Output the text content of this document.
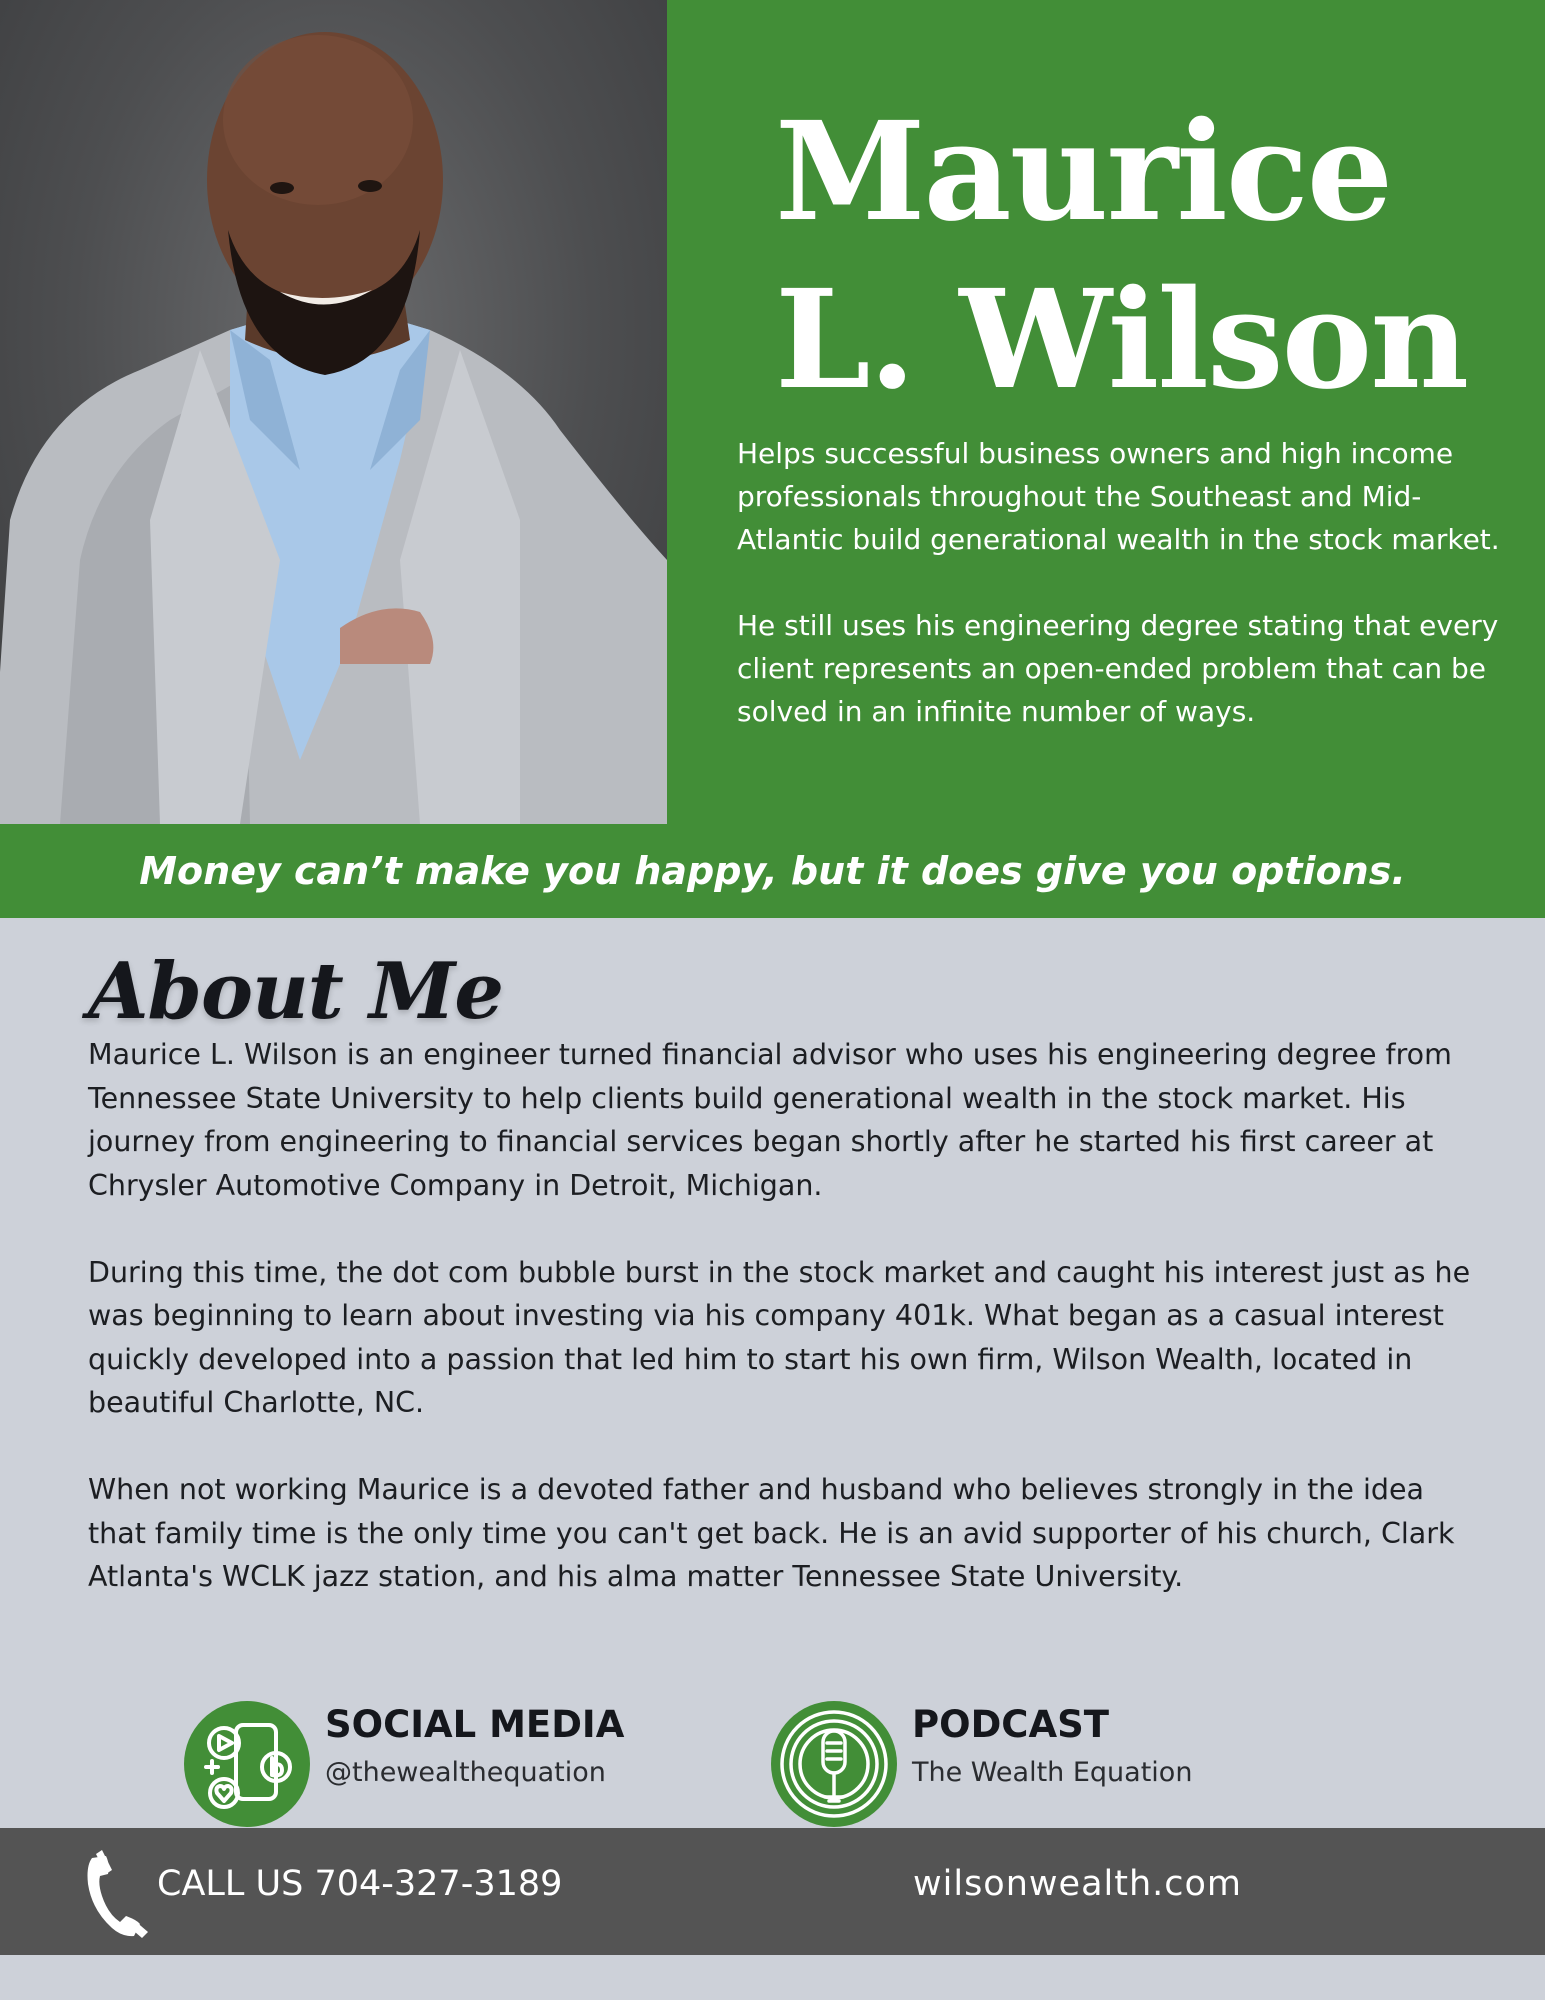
Maurice
L. Wilson

Helps successful business owners and high income professionals throughout the Southeast and Mid-Atlantic build generational wealth in the stock market.

He still uses his engineering degree stating that every client represents an open-ended problem that can be solved in an infinite number of ways.

Money can’t make you happy, but it does give you options.
About Me

Maurice L. Wilson is an engineer turned financial advisor who uses his engineering degree from Tennessee State University to help clients build generational wealth in the stock market. His journey from engineering to financial services began shortly after he started his first career at Chrysler Automotive Company in Detroit, Michigan.

During this time, the dot com bubble burst in the stock market and caught his interest just as he was beginning to learn about investing via his company 401k. What began as a casual interest quickly developed into a passion that led him to start his own firm, Wilson Wealth, located in beautiful Charlotte, NC.

When not working Maurice is a devoted father and husband who believes strongly in the idea that family time is the only time you can't get back. He is an avid supporter of his church, Clark Atlanta's WCLK jazz station, and his alma matter Tennessee State University.

SOCIAL MEDIA
@thewealthequation
PODCAST
The Wealth Equation
CALL US 704-327-3189	wilsonwealth.com
